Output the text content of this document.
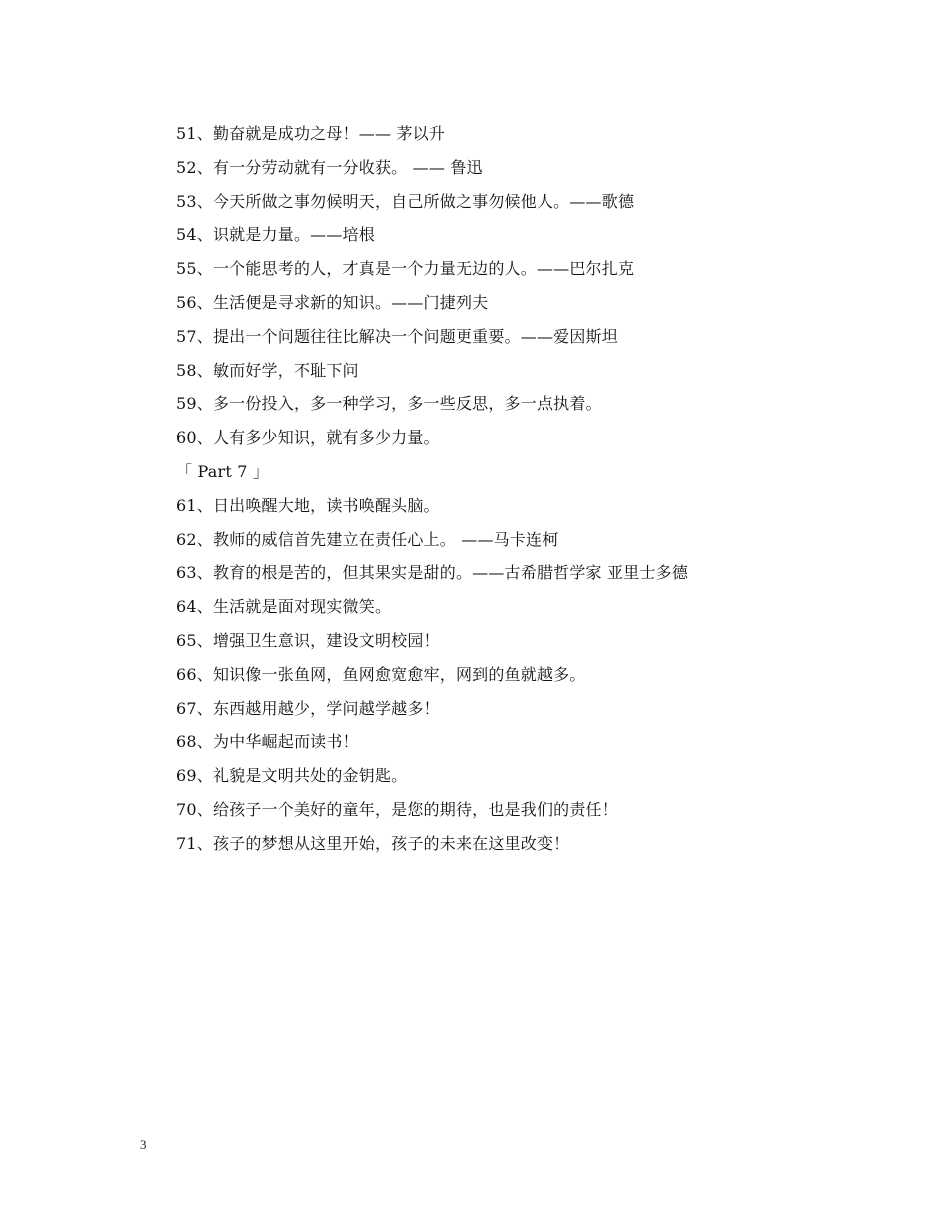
51、勤奋就是成功之母！—— 茅以升
52、有一分劳动就有一分收获。 —— 鲁迅
53、今天所做之事勿候明天，自己所做之事勿候他人。——歌德
54、识就是力量。——培根
55、一个能思考的人，才真是一个力量无边的人。——巴尔扎克
56、生活便是寻求新的知识。——门捷列夫
57、提出一个问题往往比解决一个问题更重要。——爱因斯坦
58、敏而好学，不耻下问
59、多一份投入，多一种学习，多一些反思，多一点执着。
60、人有多少知识，就有多少力量。
「 Part 7 」
61、日出唤醒大地，读书唤醒头脑。
62、教师的威信首先建立在责任心上。 ——马卡连柯
63、教育的根是苦的，但其果实是甜的。——古希腊哲学家 亚里士多德
64、生活就是面对现实微笑。
65、增强卫生意识，建设文明校园！
66、知识像一张鱼网，鱼网愈宽愈牢，网到的鱼就越多。
67、东西越用越少，学问越学越多！
68、为中华崛起而读书！
69、礼貌是文明共处的金钥匙。
70、给孩子一个美好的童年，是您的期待，也是我们的责任！
71、孩子的梦想从这里开始，孩子的未来在这里改变！
3
